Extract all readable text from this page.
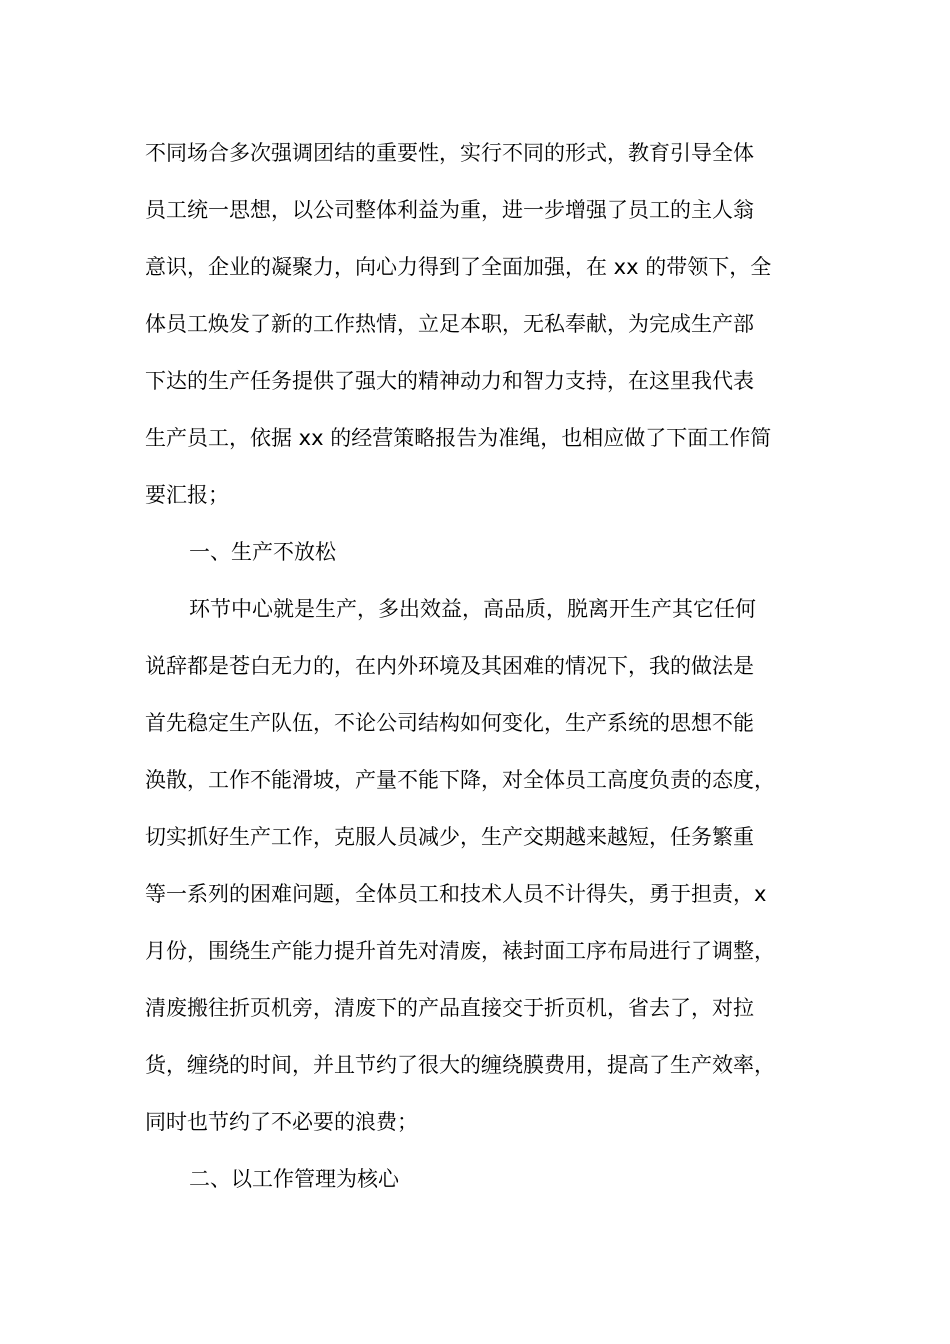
不同场合多次强调团结的重要性，实行不同的形式，教育引导全体
员工统一思想，以公司整体利益为重，进一步增强了员工的主人翁
意识，企业的凝聚力，向心力得到了全面加强，在 xx 的带领下，全
体员工焕发了新的工作热情，立足本职，无私奉献，为完成生产部
下达的生产任务提供了强大的精神动力和智力支持，在这里我代表
生产员工，依据 xx 的经营策略报告为准绳，也相应做了下面工作简
要汇报；
一、生产不放松
环节中心就是生产，多出效益，高品质，脱离开生产其它任何
说辞都是苍白无力的，在内外环境及其困难的情况下，我的做法是
首先稳定生产队伍，不论公司结构如何变化，生产系统的思想不能
涣散，工作不能滑坡，产量不能下降，对全体员工高度负责的态度，
切实抓好生产工作，克服人员减少，生产交期越来越短，任务繁重
等一系列的困难问题，全体员工和技术人员不计得失，勇于担责，x
月份，围绕生产能力提升首先对清废，裱封面工序布局进行了调整，
清废搬往折页机旁，清废下的产品直接交于折页机，省去了，对拉
货，缠绕的时间，并且节约了很大的缠绕膜费用，提高了生产效率，
同时也节约了不必要的浪费；
二、以工作管理为核心
